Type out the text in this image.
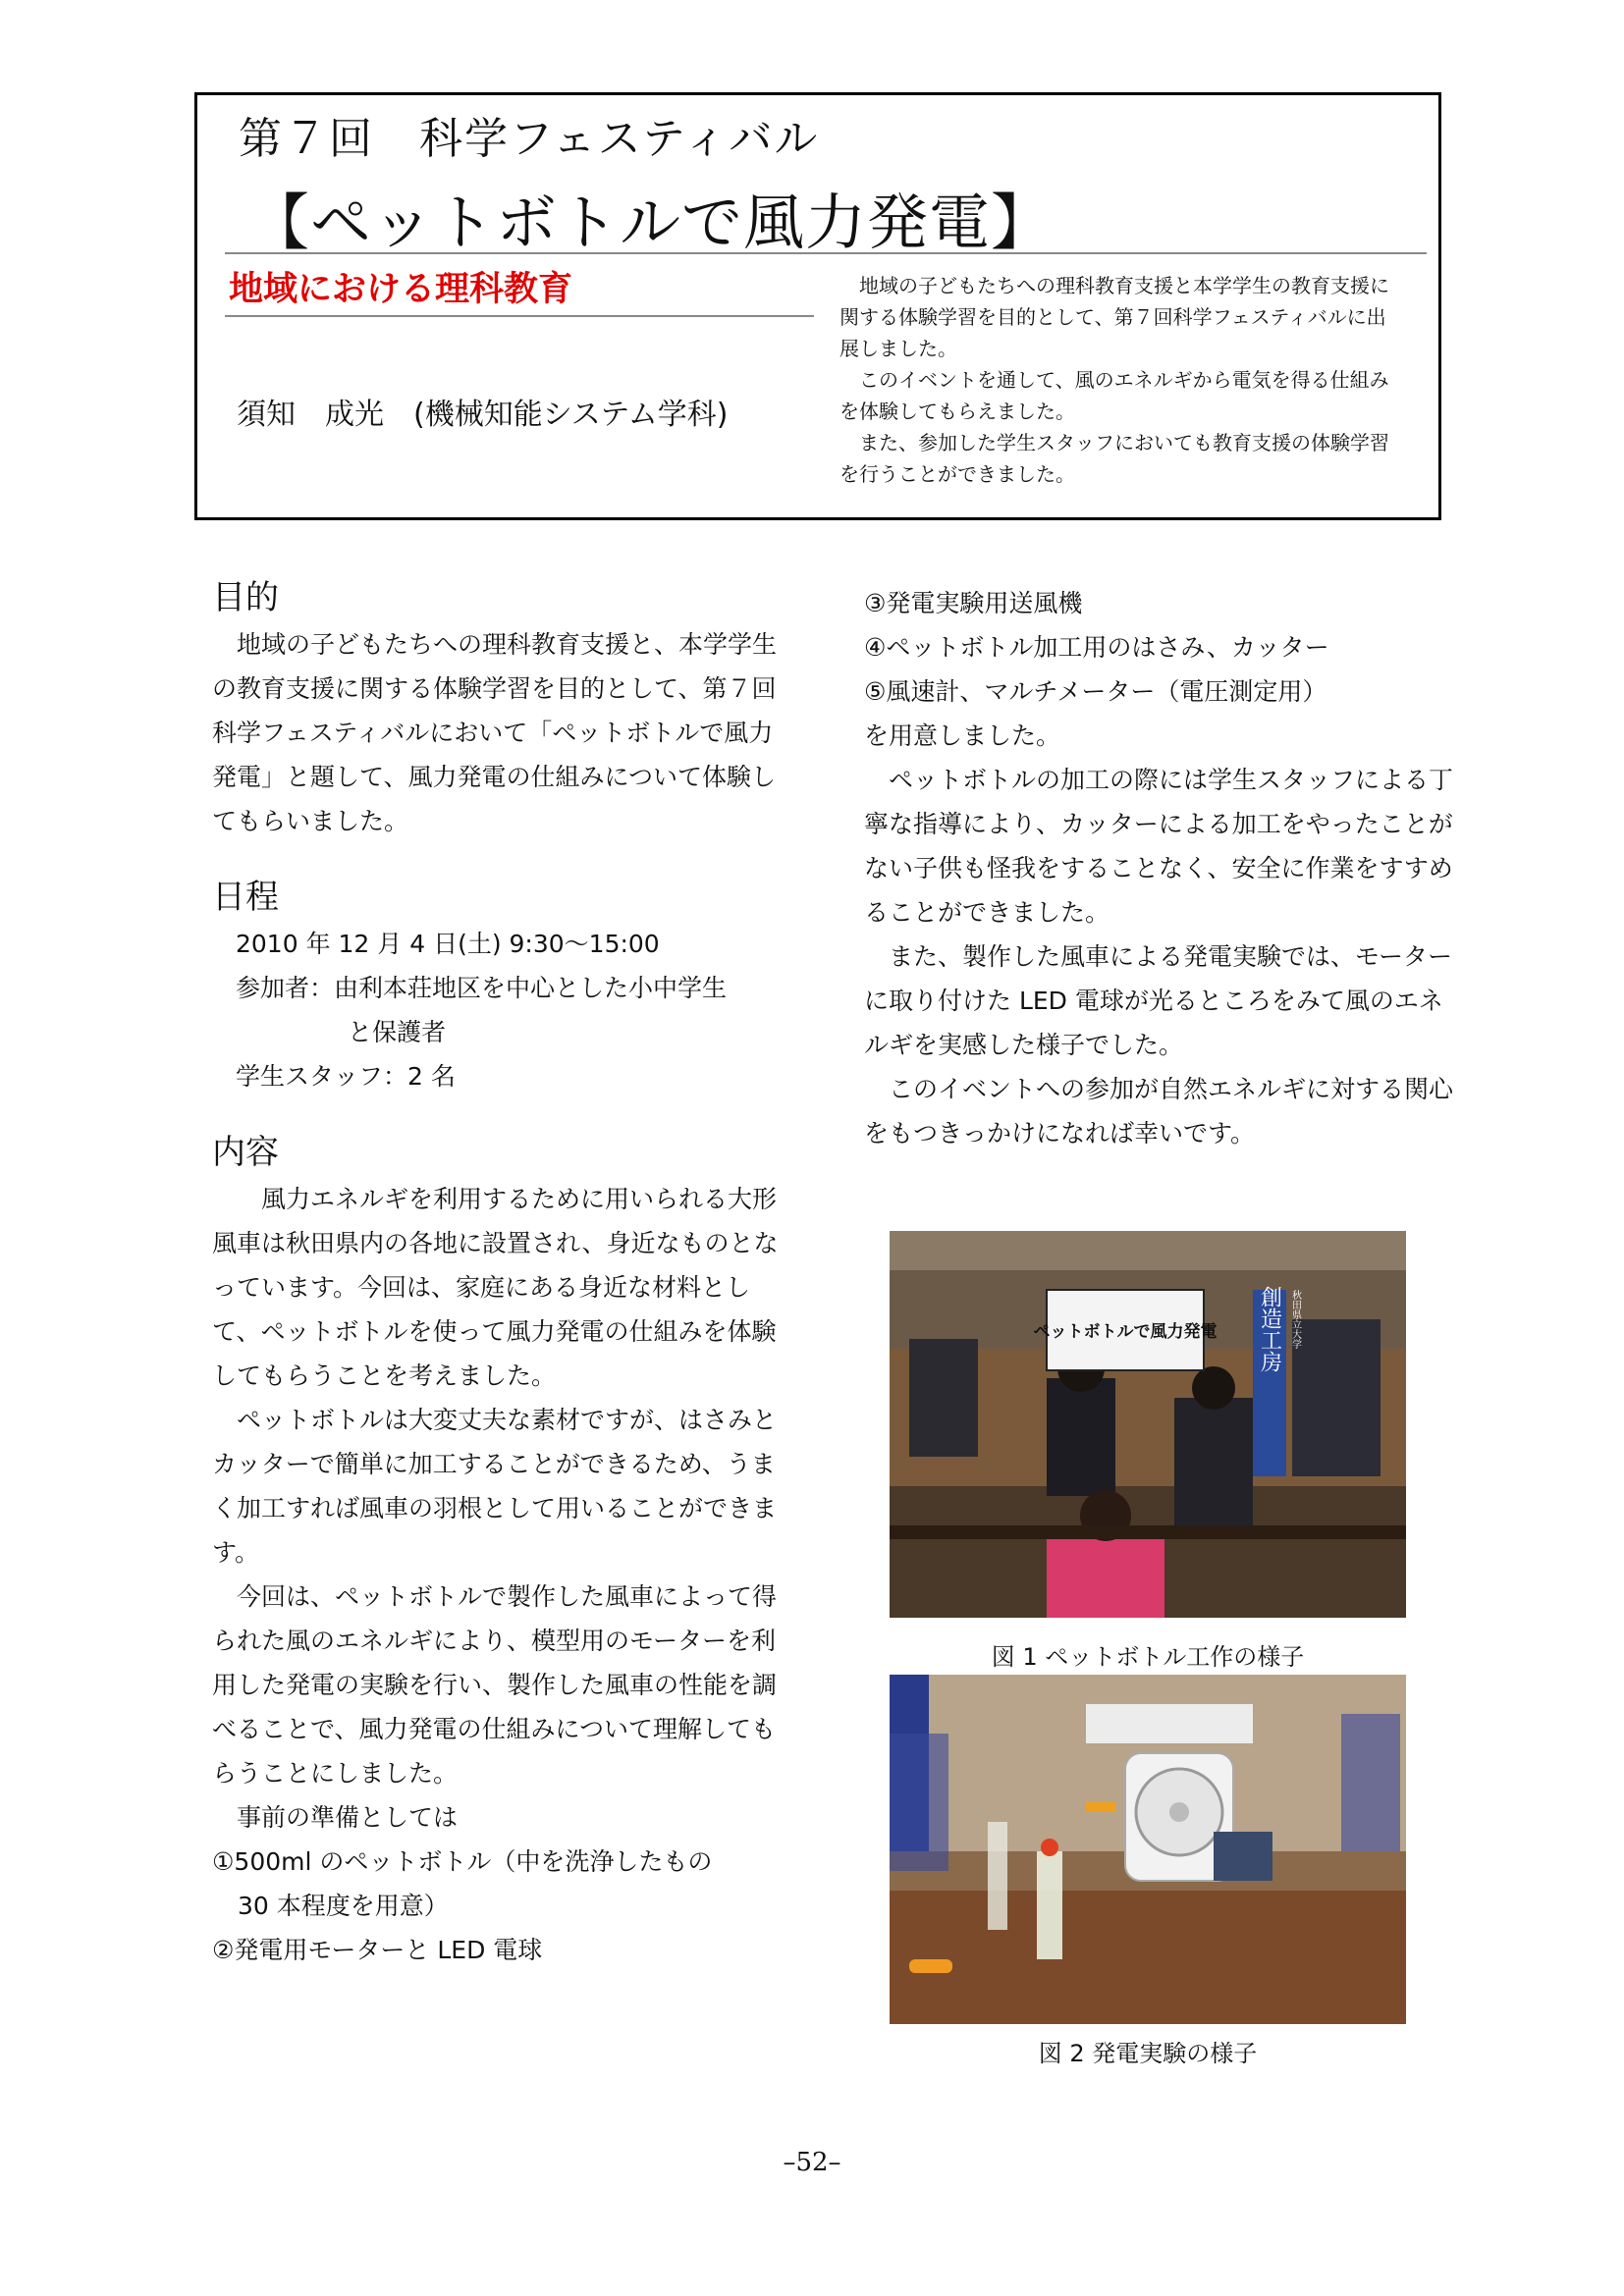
第７回　科学フェスティバル
【ペットボトルで風力発電】
地域における理科教育
須知　成光　(機械知能システム学科)

地域の子どもたちへの理科教育支援と本学学生の教育支援に関する体験学習を目的として、第７回科学フェスティバルに出展しました。

このイベントを通して、風のエネルギから電気を得る仕組みを体験してもらえました。

また、参加した学生スタッフにおいても教育支援の体験学習を行うことができました。

目的

地域の子どもたちへの理科教育支援と、本学学生の教育支援に関する体験学習を目的として、第７回科学フェスティバルにおいて「ペットボトルで風力発電」と題して、風力発電の仕組みについて体験してもらいました。

日程

2010 年 12 月 4 日(土) 9:30〜15:00

参加者：由利本荘地区を中心とした小中学生

と保護者

学生スタッフ：2 名

内容

風力エネルギを利用するために用いられる大形風車は秋田県内の各地に設置され、身近なものとなっています。今回は、家庭にある身近な材料として、ペットボトルを使って風力発電の仕組みを体験してもらうことを考えました。

ペットボトルは大変丈夫な素材ですが、はさみとカッターで簡単に加工することができるため、うまく加工すれば風車の羽根として用いることができます。

今回は、ペットボトルで製作した風車によって得られた風のエネルギにより、模型用のモーターを利用した発電の実験を行い、製作した風車の性能を調べることで、風力発電の仕組みについて理解してもらうことにしました。

事前の準備としては

①500ml のペットボトル（中を洗浄したもの

30 本程度を用意）

②発電用モーターと LED 電球

③発電実験用送風機

④ペットボトル加工用のはさみ、カッター

⑤風速計、マルチメーター（電圧測定用）

を用意しました。

ペットボトルの加工の際には学生スタッフによる丁寧な指導により、カッターによる加工をやったことがない子供も怪我をすることなく、安全に作業をすすめることができました。

また、製作した風車による発電実験では、モーターに取り付けた LED 電球が光るところをみて風のエネルギを実感した様子でした。

このイベントへの参加が自然エネルギに対する関心をもつきっかけになれば幸いです。

ペットボトルで風力発電 創造工房 秋田県立大学
図 1 ペットボトル工作の様子
図 2 発電実験の様子
–52–
